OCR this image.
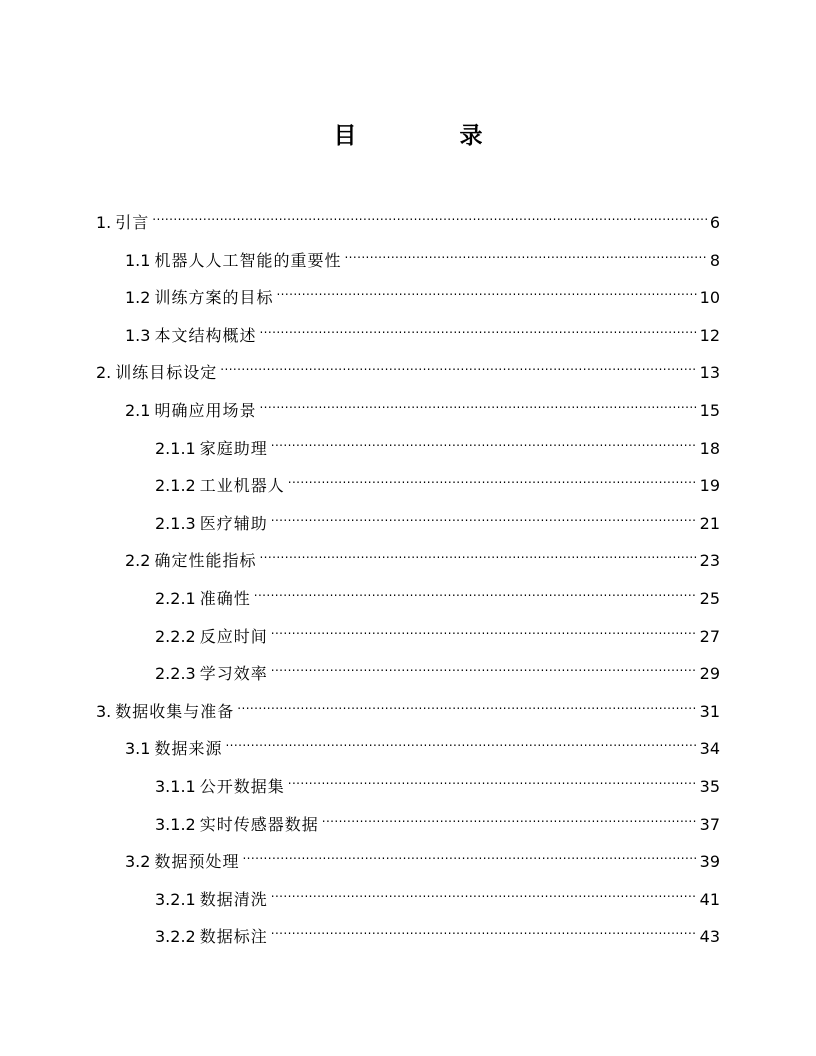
目　录
1. 引言 .....	6
1.1 机器人人工智能的重要性 .....	8
1.2 训练方案的目标 .....	10
1.3 本文结构概述 .....	12
2. 训练目标设定 .....	13
2.1 明确应用场景 .....	15
2.1.1 家庭助理 .....	18
2.1.2 工业机器人 .....	19
2.1.3 医疗辅助 .....	21
2.2 确定性能指标 .....	23
2.2.1 准确性 .....	25
2.2.2 反应时间 .....	27
2.2.3 学习效率 .....	29
3. 数据收集与准备 .....	31
3.1 数据来源 .....	34
3.1.1 公开数据集 .....	35
3.1.2 实时传感器数据 .....	37
3.2 数据预处理 .....	39
3.2.1 数据清洗 .....	41
3.2.2 数据标注 .....	43
